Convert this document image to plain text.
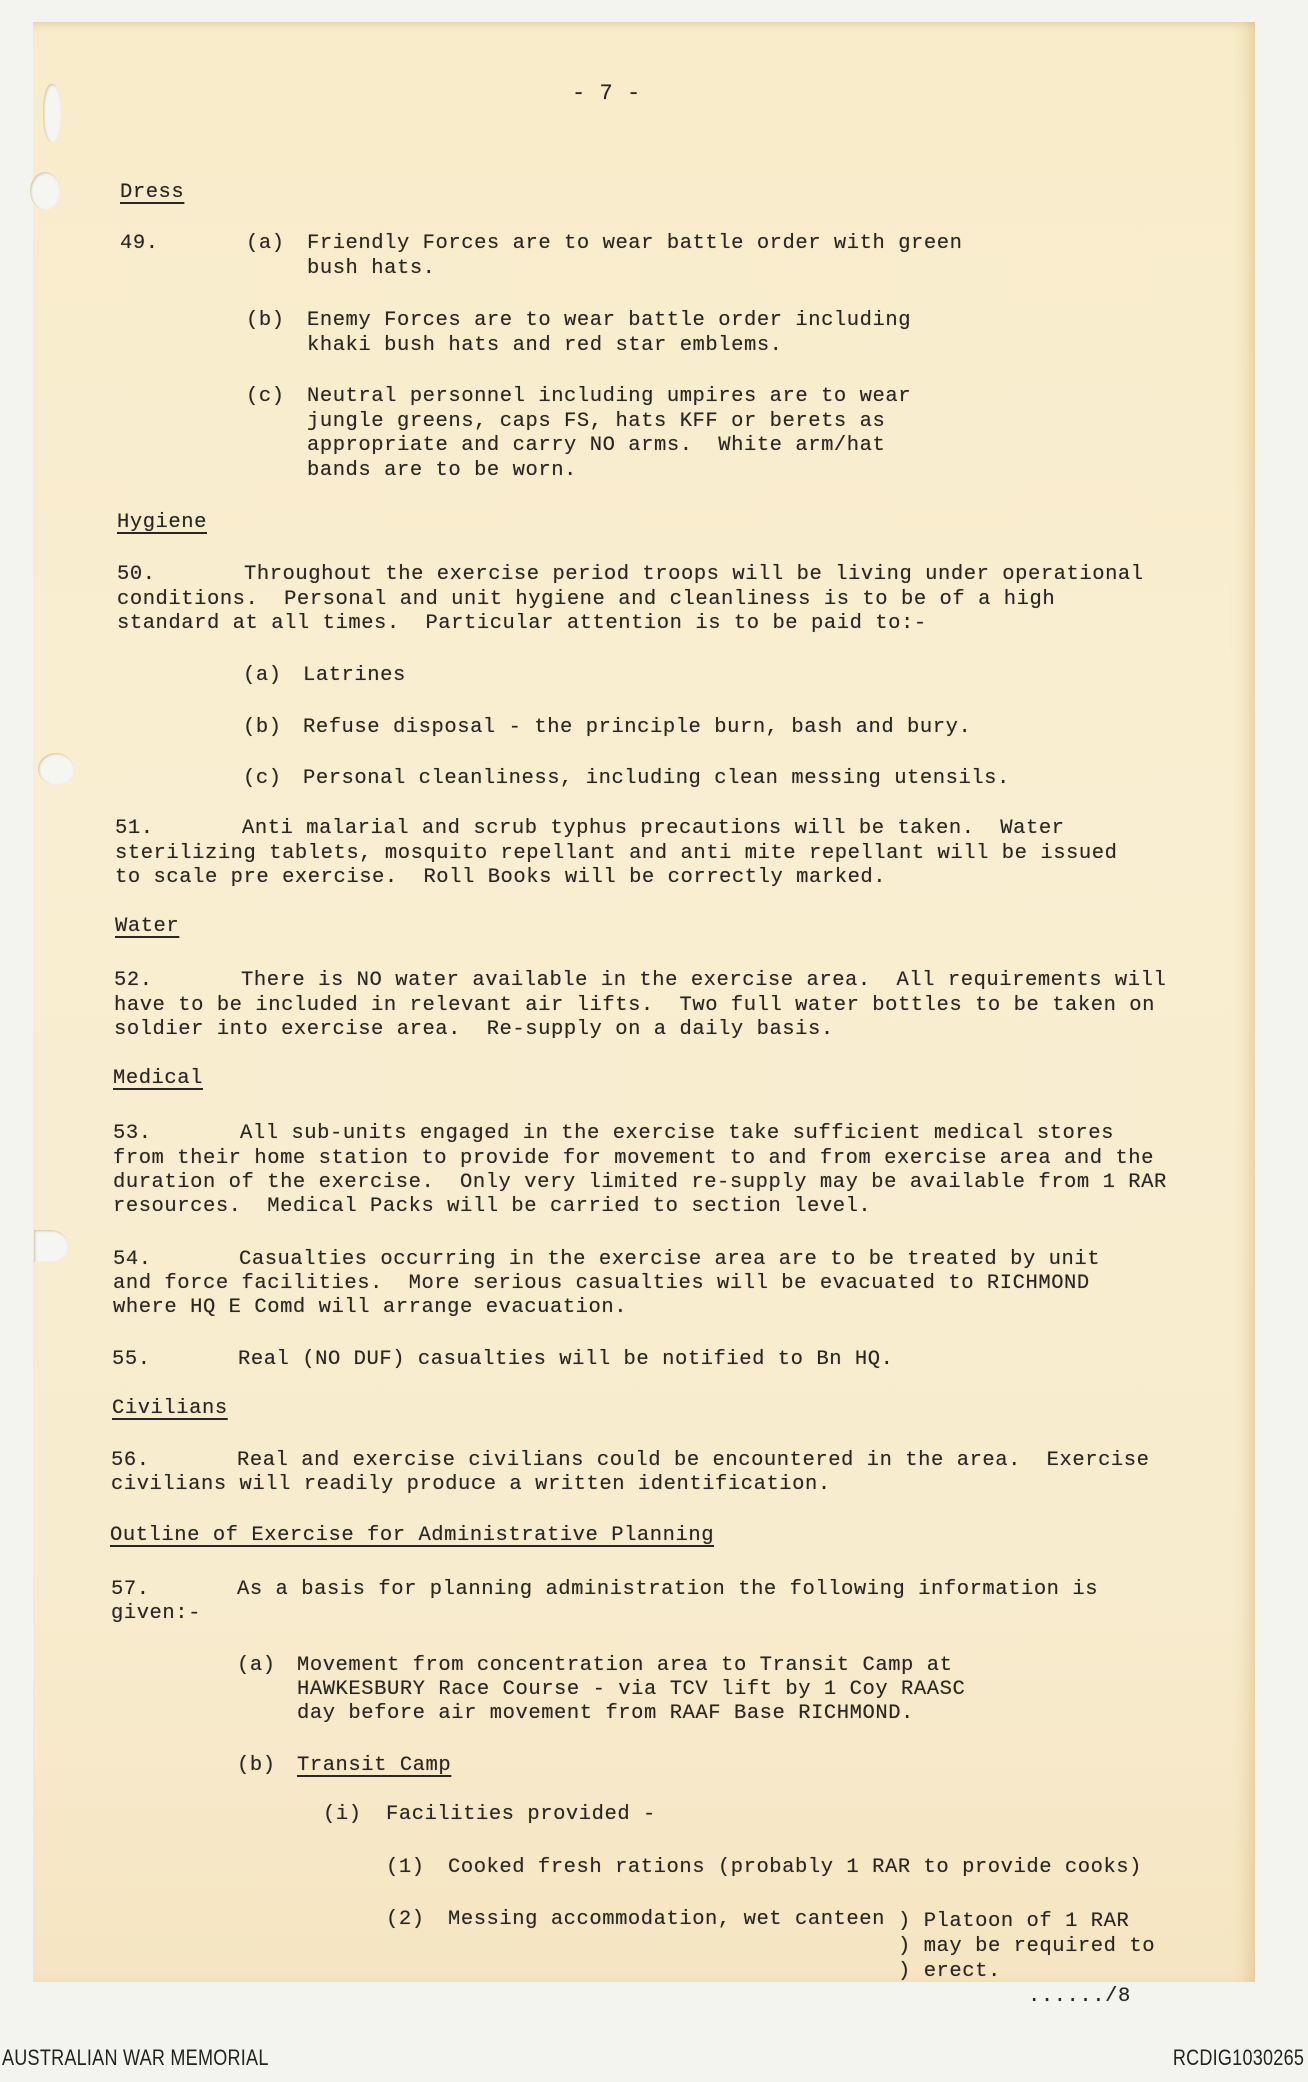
- 7 -
Dress
49.	(a) Friendly Forces are to wear battle order with green
bush hats.
(b) Enemy Forces are to wear battle order including
khaki bush hats and red star emblems.
(c) Neutral personnel including umpires are to wear
jungle greens, caps FS, hats KFF or berets as
appropriate and carry NO arms.  White arm/hat
bands are to be worn.
Hygiene
50.	Throughout the exercise period troops will be living under operational
conditions.  Personal and unit hygiene and cleanliness is to be of a high
standard at all times.  Particular attention is to be paid to:-
(a) Latrines
(b) Refuse disposal - the principle burn, bash and bury.
(c) Personal cleanliness, including clean messing utensils.
51.	Anti malarial and scrub typhus precautions will be taken.  Water
sterilizing tablets, mosquito repellant and anti mite repellant will be issued
to scale pre exercise.  Roll Books will be correctly marked.
Water
52.	There is NO water available in the exercise area.  All requirements will
have to be included in relevant air lifts.  Two full water bottles to be taken on
soldier into exercise area.  Re-supply on a daily basis.
Medical
53.	All sub-units engaged in the exercise take sufficient medical stores
from their home station to provide for movement to and from exercise area and the
duration of the exercise.  Only very limited re-supply may be available from 1 RAR
resources.  Medical Packs will be carried to section level.
54.	Casualties occurring in the exercise area are to be treated by unit
and force facilities.  More serious casualties will be evacuated to RICHMOND
where HQ E Comd will arrange evacuation.
55.	Real (NO DUF) casualties will be notified to Bn HQ.
Civilians
56.	Real and exercise civilians could be encountered in the area.  Exercise
civilians will readily produce a written identification.
Outline of Exercise for Administrative Planning
57.	As a basis for planning administration the following information is
given:-
(a) Movement from concentration area to Transit Camp at
HAWKESBURY Race Course - via TCV lift by 1 Coy RAASC
day before air movement from RAAF Base RICHMOND.
(b) Transit Camp
(i) Facilities provided -
(1) Cooked fresh rations (probably 1 RAR to provide cooks)
(2) Messing accommodation, wet canteen ) Platoon of 1 RAR
) may be required to
) erect.
....../8
AUSTRALIAN WAR MEMORIAL	RCDIG1030265
